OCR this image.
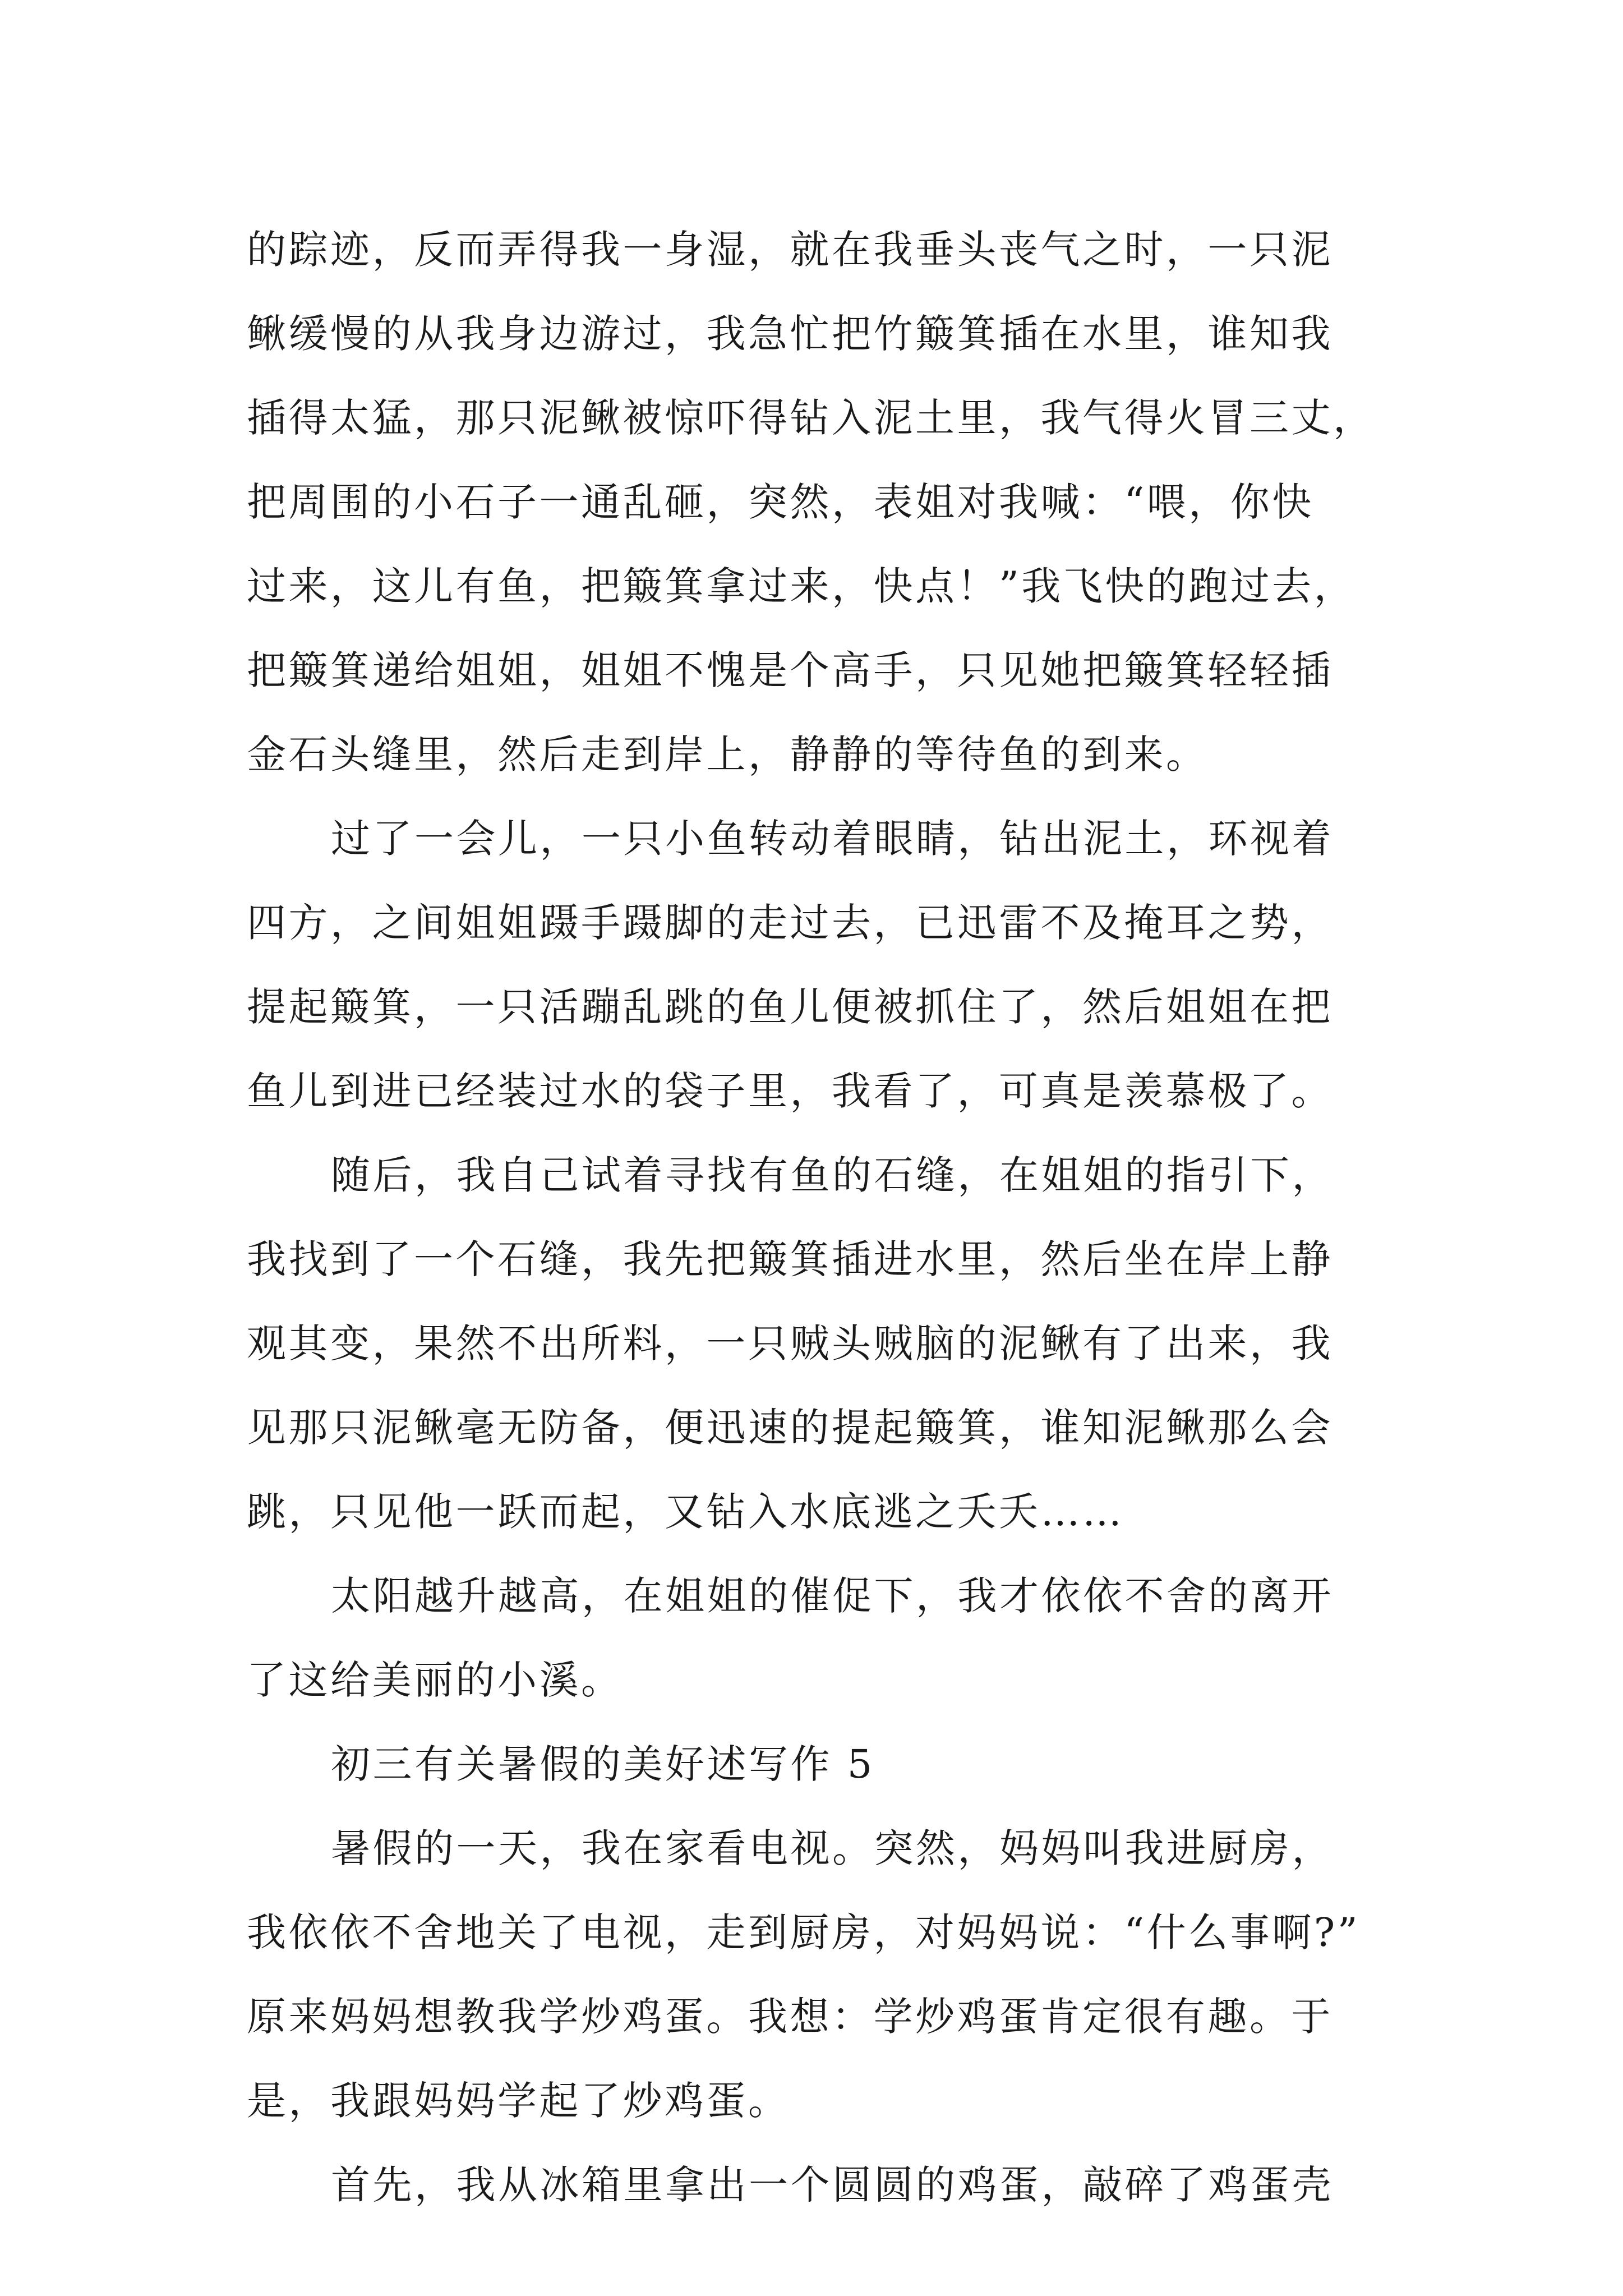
的踪迹，反而弄得我一身湿，就在我垂头丧气之时，一只泥
鳅缓慢的从我身边游过，我急忙把竹簸箕插在水里，谁知我
插得太猛，那只泥鳅被惊吓得钻入泥土里，我气得火冒三丈，
把周围的小石子一通乱砸，突然，表姐对我喊：“喂，你快
过来，这儿有鱼，把簸箕拿过来，快点！”我飞快的跑过去，
把簸箕递给姐姐，姐姐不愧是个高手，只见她把簸箕轻轻插
金石头缝里，然后走到岸上，静静的等待鱼的到来。
过了一会儿，一只小鱼转动着眼睛，钻出泥土，环视着
四方，之间姐姐蹑手蹑脚的走过去，已迅雷不及掩耳之势，
提起簸箕，一只活蹦乱跳的鱼儿便被抓住了，然后姐姐在把
鱼儿到进已经装过水的袋子里，我看了，可真是羡慕极了。
随后，我自己试着寻找有鱼的石缝，在姐姐的指引下，
我找到了一个石缝，我先把簸箕插进水里，然后坐在岸上静
观其变，果然不出所料，一只贼头贼脑的泥鳅有了出来，我
见那只泥鳅毫无防备，便迅速的提起簸箕，谁知泥鳅那么会
跳，只见他一跃而起，又钻入水底逃之夭夭……
太阳越升越高，在姐姐的催促下，我才依依不舍的离开
了这给美丽的小溪。
初三有关暑假的美好述写作 5
暑假的一天，我在家看电视。突然，妈妈叫我进厨房，
我依依不舍地关了电视，走到厨房，对妈妈说：“什么事啊?”
原来妈妈想教我学炒鸡蛋。我想：学炒鸡蛋肯定很有趣。于
是，我跟妈妈学起了炒鸡蛋。
首先，我从冰箱里拿出一个圆圆的鸡蛋，敲碎了鸡蛋壳
